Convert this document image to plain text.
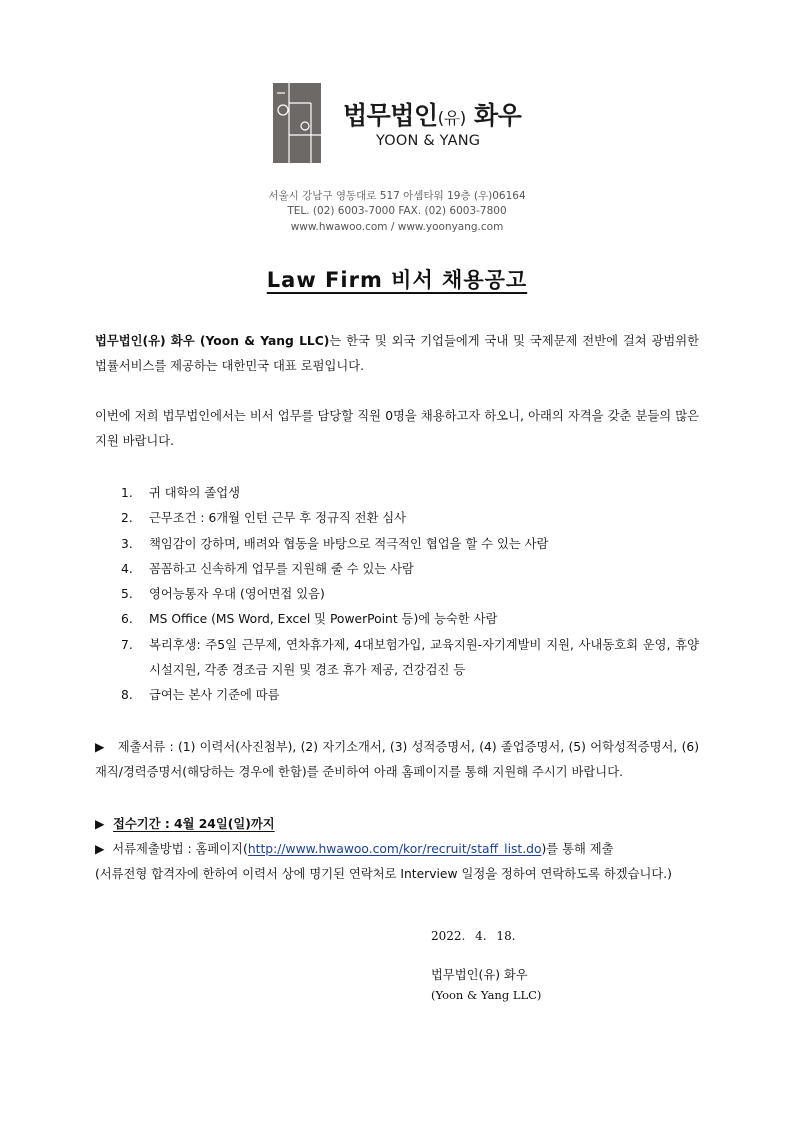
법무법인(유) 화우
YOON & YANG
서울시 강남구 영동대로 517 아셈타워 19층 (우)06164
TEL. (02) 6003-7000 FAX. (02) 6003-7800
www.hwawoo.com / www.yoonyang.com
Law Firm 비서 채용공고
법무법인(유) 화우 (Yoon & Yang LLC)는 한국 및 외국 기업들에게 국내 및 국제문제 전반에 걸쳐 광범위한 법률서비스를 제공하는 대한민국 대표 로펌입니다.
이번에 저희 법무법인에서는 비서 업무를 담당할 직원 0명을 채용하고자 하오니, 아래의 자격을 갖춘 분들의 많은 지원 바랍니다.
1. 귀 대학의 졸업생
2. 근무조건 : 6개월 인턴 근무 후 정규직 전환 심사
3. 책임감이 강하며, 배려와 협동을 바탕으로 적극적인 협업을 할 수 있는 사람
4. 꼼꼼하고 신속하게 업무를 지원해 줄 수 있는 사람
5. 영어능통자 우대 (영어면접 있음)
6. MS Office (MS Word, Excel 및 PowerPoint 등)에 능숙한 사람
7. 복리후생: 주5일 근무제, 연차휴가제, 4대보험가입, 교육지원-자기계발비 지원, 사내동호회 운영, 휴양시설지원, 각종 경조금 지원 및 경조 휴가 제공, 건강검진 등
8. 급여는 본사 기준에 따름
▶ 제출서류 : (1) 이력서(사진첨부), (2) 자기소개서, (3) 성적증명서, (4) 졸업증명서, (5) 어학성적증명서, (6) 재직/경력증명서(해당하는 경우에 한함)를 준비하여 아래 홈페이지를 통해 지원해 주시기 바랍니다.
▶ 접수기간 : 4월 24일(일)까지
▶ 서류제출방법 : 홈페이지(http://www.hwawoo.com/kor/recruit/staff_list.do)를 통해 제출
(서류전형 합격자에 한하여 이력서 상에 명기된 연락처로 Interview 일정을 정하여 연락하도록 하겠습니다.)
2022. 4. 18.
법무법인(유) 화우
(Yoon & Yang LLC)
